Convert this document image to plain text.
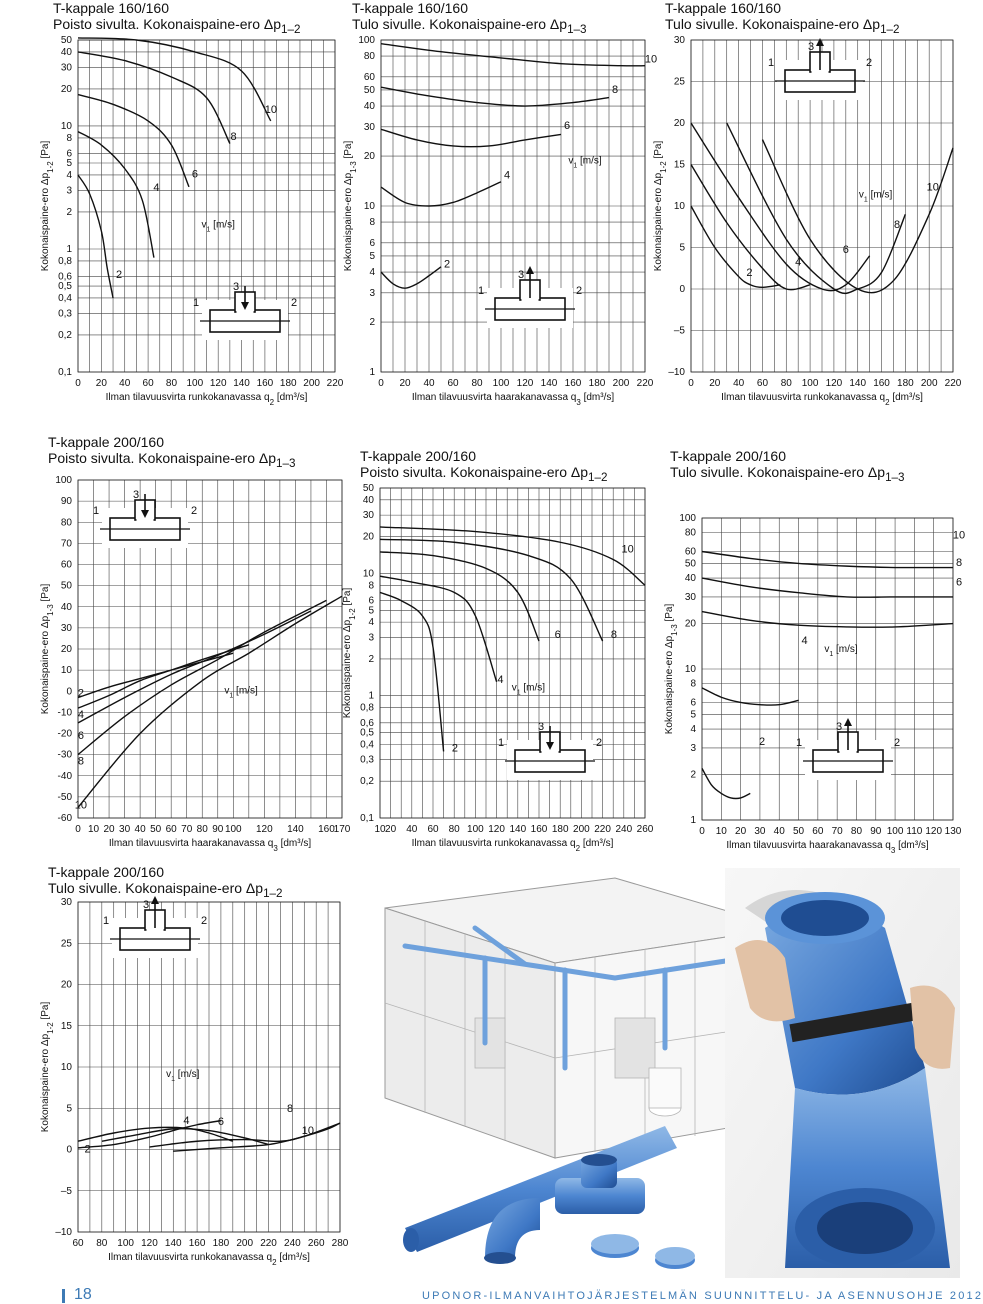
T-kappale 160/160
Poisto sivulta. Kokonaispaine-ero $\Delta p_{1-2}$
0 20 40 60 80 100 120 140 160 180 200 220
0,1
0,2
0,3
0,4
0,5
0,6
0,8
1
2
3
4
5
6
8
10
20
30
40
50
Ilman tilavuusvirta runkokanavassa $q_2$ [dm³/s]
Kokonaispaine-ero $\Delta p_{1-2}$ [Pa]
2
4
6
8
10
$v_1$ [m/s]
1	2
3
T-kappale 160/160
Tulo sivulle. Kokonaispaine-ero $\Delta p_{1-3}$
0 20 40 60 80 100 120 140 160 180 200 220
1
2
3
4
5
6
8
10
20
30
40
50
60
80
100
Ilman tilavuusvirta haarakanavassa $q_3$ [dm³/s]
Kokonaispaine-ero $\Delta p_{1-3}$ [Pa]
2
4
6
8
10
$v_1$ [m/s]
1	2
3
T-kappale 160/160
Tulo sivulle. Kokonaispaine-ero $\Delta p_{1-2}$
0 20 40 60 80 100 120 140 160 180 200 220
–10
–5
0
5
10
15
20
25
30
Ilman tilavuusvirta runkokanavassa $q_2$ [dm³/s]
Kokonaispaine-ero $\Delta p_{1-2}$ [Pa]
2
4
6
8
10
$v_1$ [m/s]
1	2
3
T-kappale 200/160
Poisto sivulta. Kokonaispaine-ero $\Delta p_{1-3}$
0 10 20 30 40 50 60 70 80 90 100 120 140 160
170
-60
-50
-40
-30
-20
-10
0
10
20
30
40
50
60
70
80
90
100
Ilman tilavuusvirta haarakanavassa $q_3$ [dm³/s]
Kokonaispaine-ero $\Delta p_{1-3}$ [Pa]
2
4
6
8
10
$v_1$ [m/s]
1	2
3
T-kappale 200/160
Poisto sivulta. Kokonaispaine-ero $\Delta p_{1-2}$
10 20 40 60 80 100 120 140 160 180 200 220 240 260
0,1
0,2
0,3
0,4
0,5
0,6
0,8
1
2
3
4
5
6
8
10
20
30
40
50
Ilman tilavuusvirta runkokanavassa $q_2$ [dm³/s]
Kokonaispaine-ero $\Delta p_{1-2}$ [Pa]
2
4
6	8
10
$v_1$ [m/s]
1	2
3
T-kappale 200/160
Tulo sivulle. Kokonaispaine-ero $\Delta p_{1-3}$
0 10 20 30 40 50 60 70 80 90 100 110 120 130
1
2
3
4
5
6
8
10
20
30
40
50
60
80
100
Ilman tilavuusvirta haarakanavassa $q_3$ [dm³/s]
Kokonaispaine-ero $\Delta p_{1-3}$ [Pa]
2
4
6
8
10
$v_1$ [m/s]
1	2
3
T-kappale 200/160
Tulo sivulle. Kokonaispaine-ero $\Delta p_{1-2}$
60 80 100 120 140 160 180 200 220 240 260 280
–10
–5
0
5
10
15
20
25
30
Ilman tilavuusvirta runkokanavassa $q_2$ [dm³/s]
Kokonaispaine-ero $\Delta p_{1-2}$ [Pa]
2
4	6
8
10
$v_1$ [m/s]
1	2
3
18	UPONOR-ILMANVAIHTOJÄRJESTELMÄN SUUNNITTELU- JA ASENNUSOHJE 2012
